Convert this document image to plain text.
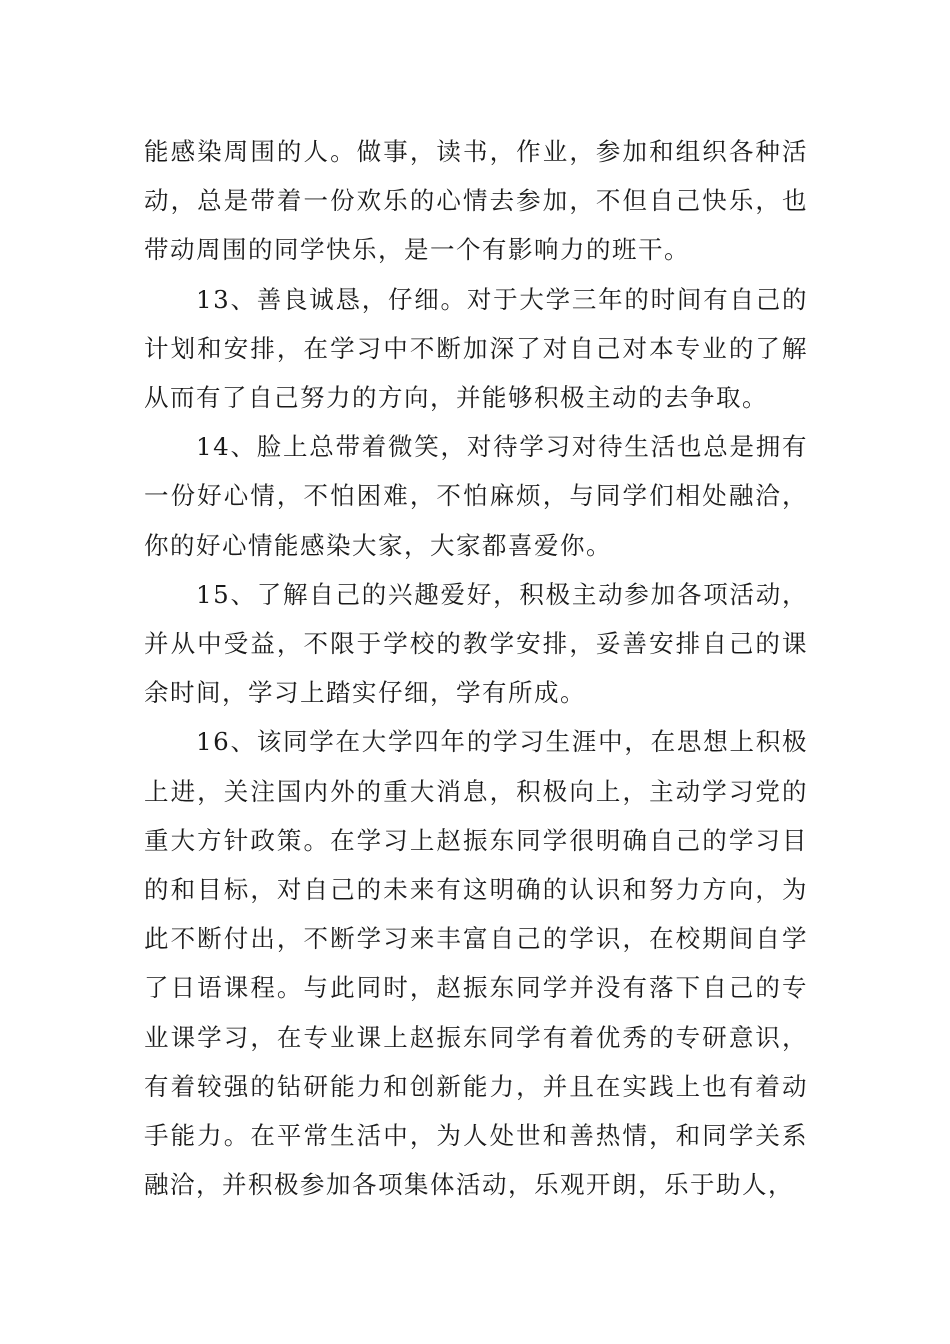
能感染周围的人。做事，读书，作业，参加和组织各种活动，总是带着一份欢乐的心情去参加，不但自己快乐，也带动周围的同学快乐，是一个有影响力的班干。

13、善良诚恳，仔细。对于大学三年的时间有自己的计划和安排，在学习中不断加深了对自己对本专业的了解从而有了自己努力的方向，并能够积极主动的去争取。

14、脸上总带着微笑，对待学习对待生活也总是拥有一份好心情，不怕困难，不怕麻烦，与同学们相处融洽，你的好心情能感染大家，大家都喜爱你。

15、了解自己的兴趣爱好，积极主动参加各项活动，并从中受益，不限于学校的教学安排，妥善安排自己的课余时间，学习上踏实仔细，学有所成。

16、该同学在大学四年的学习生涯中，在思想上积极上进，关注国内外的重大消息，积极向上，主动学习党的重大方针政策。在学习上赵振东同学很明确自己的学习目的和目标，对自己的未来有这明确的认识和努力方向，为此不断付出，不断学习来丰富自己的学识，在校期间自学了日语课程。与此同时，赵振东同学并没有落下自己的专业课学习，在专业课上赵振东同学有着优秀的专研意识，有着较强的钻研能力和创新能力，并且在实践上也有着动手能力。在平常生活中，为人处世和善热情，和同学关系融洽，并积极参加各项集体活动，乐观开朗，乐于助人，
